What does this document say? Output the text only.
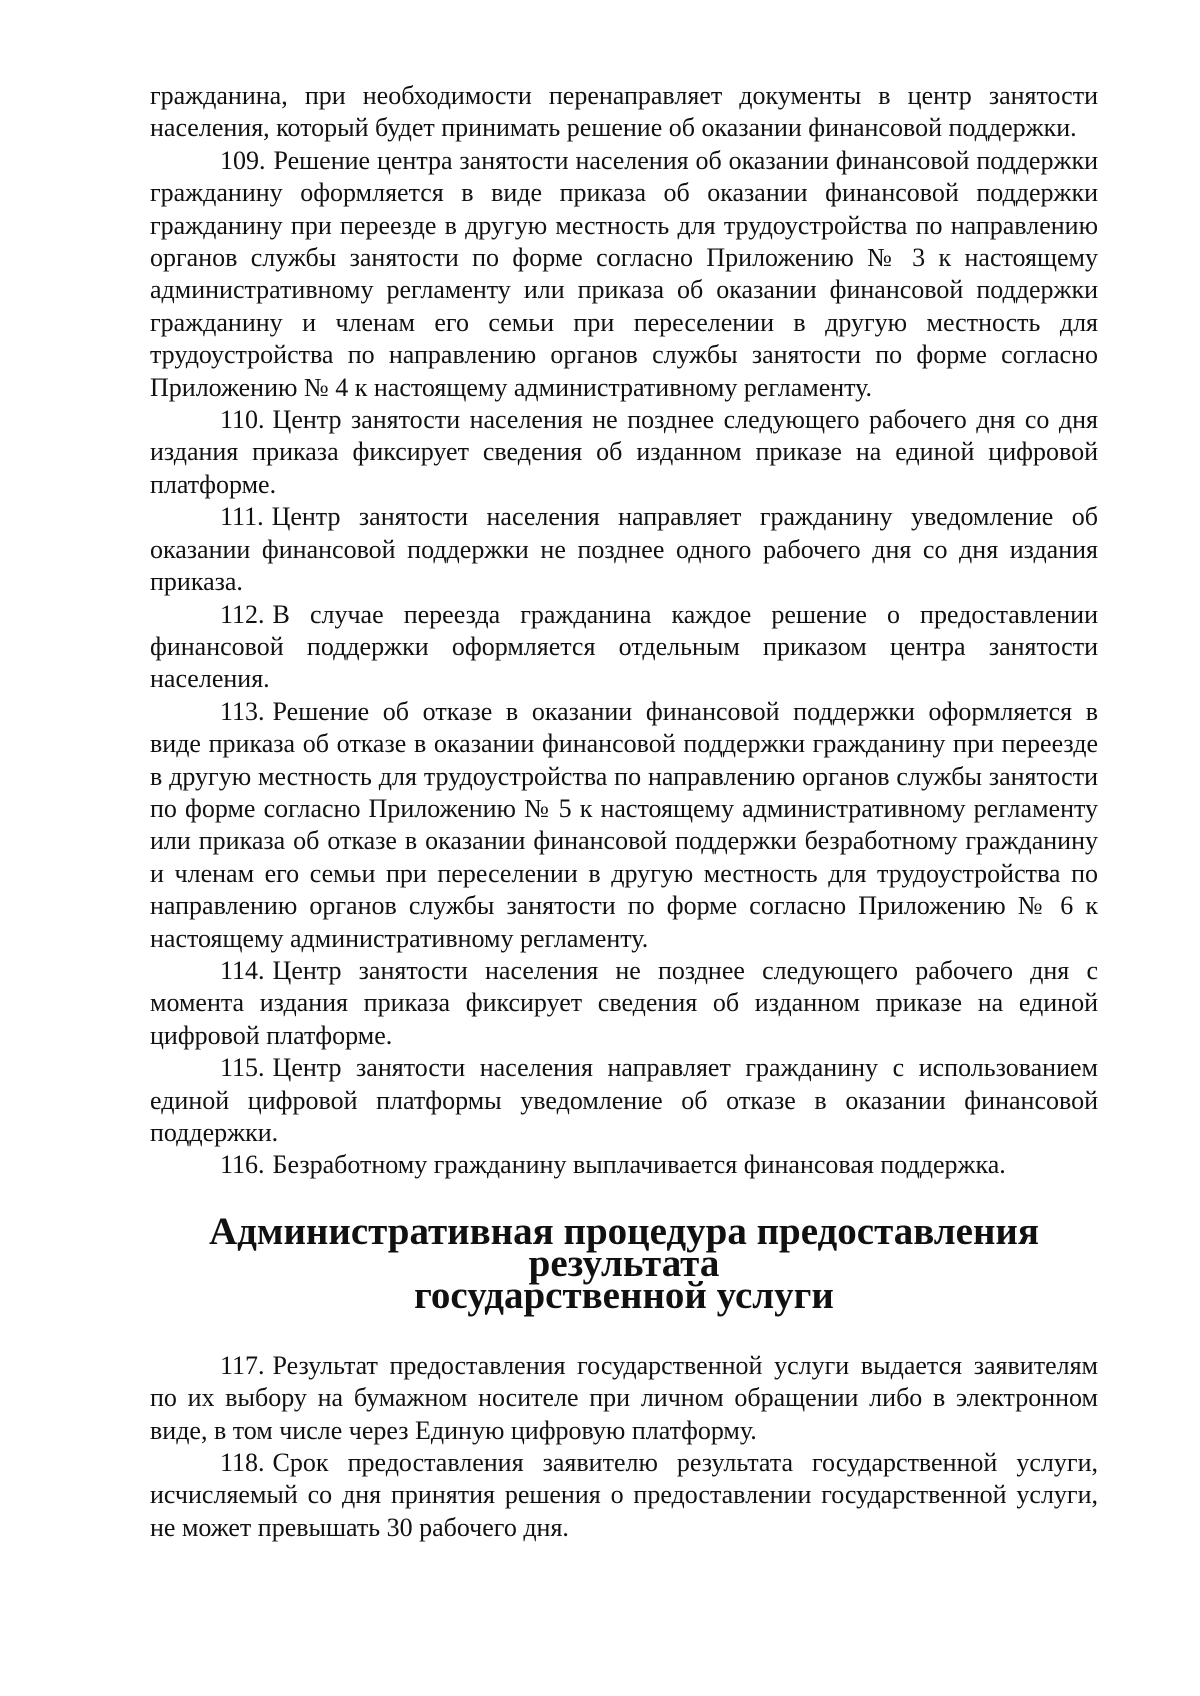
гражданина, при необходимости перенаправляет документы в центр занятости населения, который будет принимать решение об оказании финансовой поддержки.

109. Решение центра занятости населения об оказании финансовой поддержки гражданину оформляется в виде приказа об оказании финансовой поддержки гражданину при переезде в другую местность для трудоустройства по направлению органов службы занятости по форме согласно Приложению № 3 к настоящему административному регламенту или приказа об оказании финансовой поддержки гражданину и членам его семьи при переселении в другую местность для трудоустройства по направлению органов службы занятости по форме согласно Приложению № 4 к настоящему административному регламенту.

110. Центр занятости населения не позднее следующего рабочего дня со дня издания приказа фиксирует сведения об изданном приказе на единой цифровой платформе.

111. Центр занятости населения направляет гражданину уведомление об оказании финансовой поддержки не позднее одного рабочего дня со дня издания приказа.

112. В случае переезда гражданина каждое решение о предоставлении финансовой поддержки оформляется отдельным приказом центра занятости населения.

113. Решение об отказе в оказании финансовой поддержки оформляется в виде приказа об отказе в оказании финансовой поддержки гражданину при переезде в другую местность для трудоустройства по направлению органов службы занятости по форме согласно Приложению № 5 к настоящему административному регламенту или приказа об отказе в оказании финансовой поддержки безработному гражданину и членам его семьи при переселении в другую местность для трудоустройства по направлению органов службы занятости по форме согласно Приложению № 6 к настоящему административному регламенту.

114. Центр занятости населения не позднее следующего рабочего дня с момента издания приказа фиксирует сведения об изданном приказе на единой цифровой платформе.

115. Центр занятости населения направляет гражданину с использованием единой цифровой платформы уведомление об отказе в оказании финансовой поддержки.

116. Безработному гражданину выплачивается финансовая поддержка.

Административная процедура предоставления результата
государственной услуги

117. Результат предоставления государственной услуги выдается заявителям по их выбору на бумажном носителе при личном обращении либо в электронном виде, в том числе через Единую цифровую платформу.

118. Срок предоставления заявителю результата государственной услуги, исчисляемый со дня принятия решения о предоставлении государственной услуги, не может превышать 30 рабочего дня.
